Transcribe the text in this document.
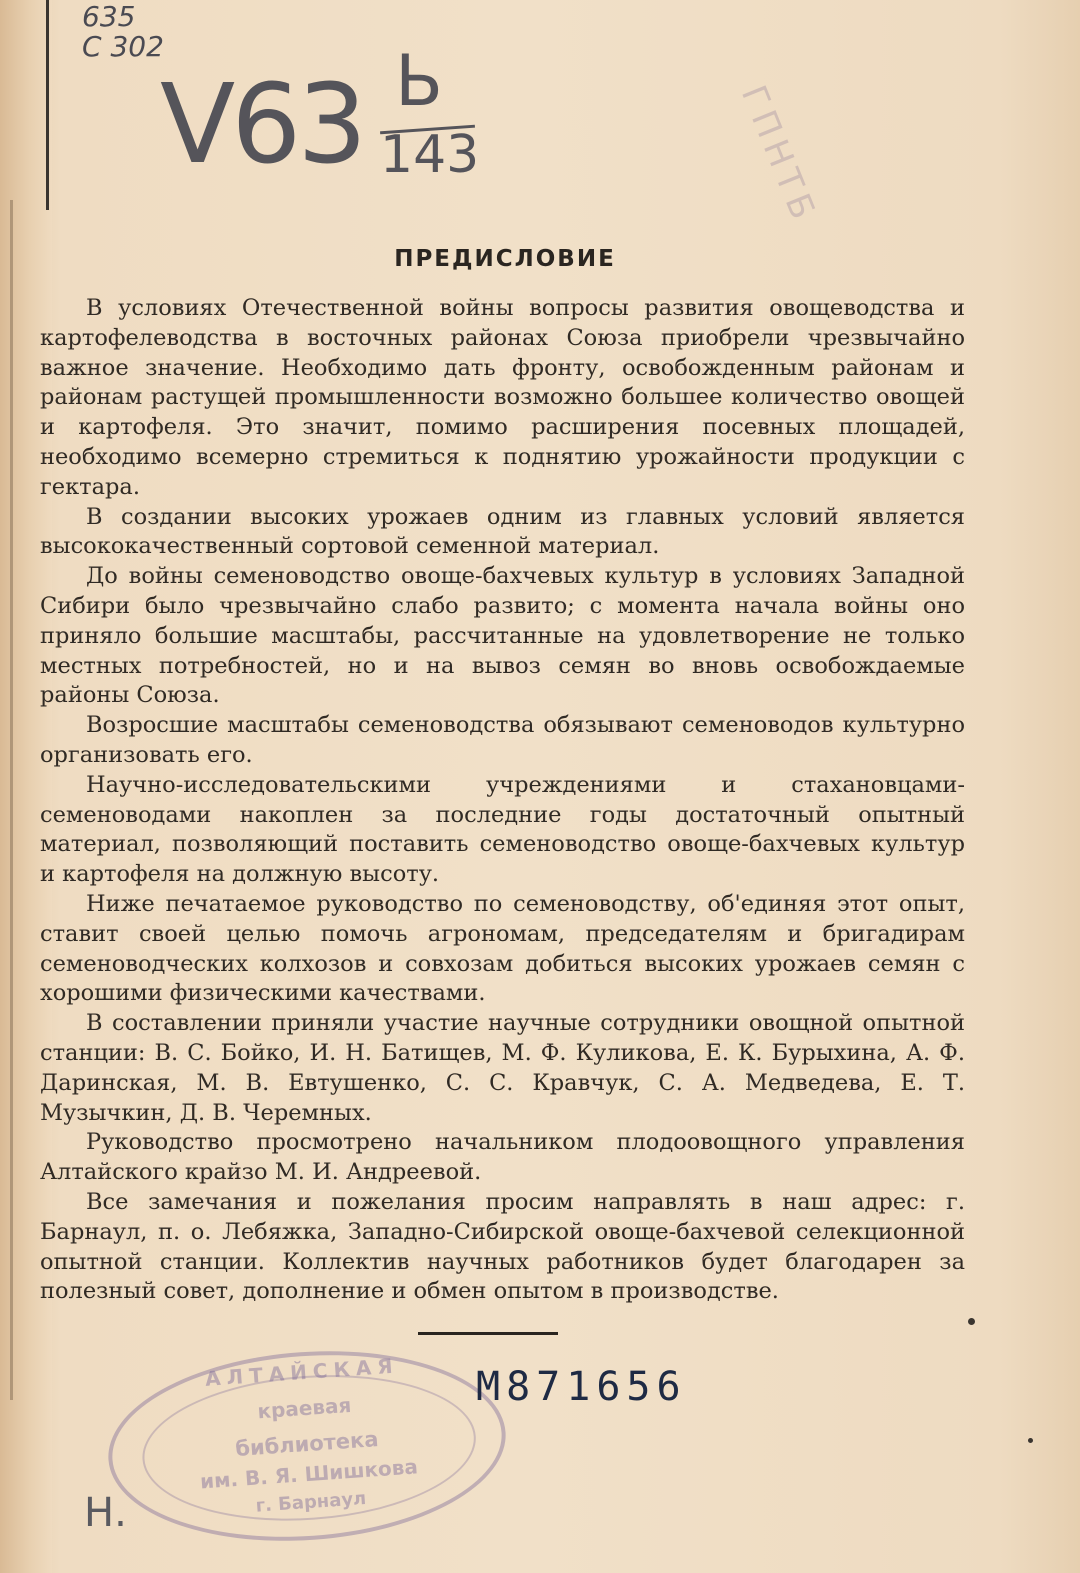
635
С 302
V63 Ь
143	ГПНТБ
ПРЕДИСЛОВИЕ

В условиях Отечественной войны вопросы развития овощеводства и картофелеводства в восточных районах Союза приобрели чрезвычайно важное значение. Необходимо дать фронту, освобожденным районам и районам растущей промышленности возможно большее количество овощей и картофеля. Это значит, помимо расширения посевных площадей, необходимо всемерно стремиться к поднятию урожайности продукции с гектара.

В создании высоких урожаев одним из главных условий является высококачественный сортовой семенной материал.

До войны семеноводство овоще-бахчевых культур в условиях Западной Сибири было чрезвычайно слабо развито; с момента начала войны оно приняло большие масштабы, рассчитанные на удовлетворение не только местных потребностей, но и на вывоз семян во вновь освобождаемые районы Союза.

Возросшие масштабы семеноводства обязывают семеноводов культурно организовать его.

Научно-исследовательскими учреждениями и стахановцами-семеноводами накоплен за последние годы достаточный опытный материал, позволяющий поставить семеноводство овоще-бахчевых культур и картофеля на должную высоту.

Ниже печатаемое руководство по семеноводству, об'единяя этот опыт, ставит своей целью помочь агрономам, председателям и бригадирам семеноводческих колхозов и совхозам добиться высоких урожаев семян с хорошими физическими качествами.

В составлении приняли участие научные сотрудники овощной опытной станции: В. С. Бойко, И. Н. Батищев, М. Ф. Куликова, Е. К. Бурыхина, А. Ф. Даринская, М. В. Евтушенко, С. С. Кравчук, С. А. Медведева, Е. Т. Музычкин, Д. В. Черемных.

Руководство просмотрено начальником плодоовощного управления Алтайского крайзо М. И. Андреевой.

Все замечания и пожелания просим направлять в наш адрес: г. Барнаул, п. о. Лебяжка, Западно-Сибирской овоще-бахчевой селекционной опытной станции. Коллектив научных работников будет благодарен за полезный совет, дополнение и обмен опытом в производстве.

АЛТАЙСКАЯ
краевая
библиотека
им. В. Я. Шишкова
г. Барнаул
M871656
Н.
